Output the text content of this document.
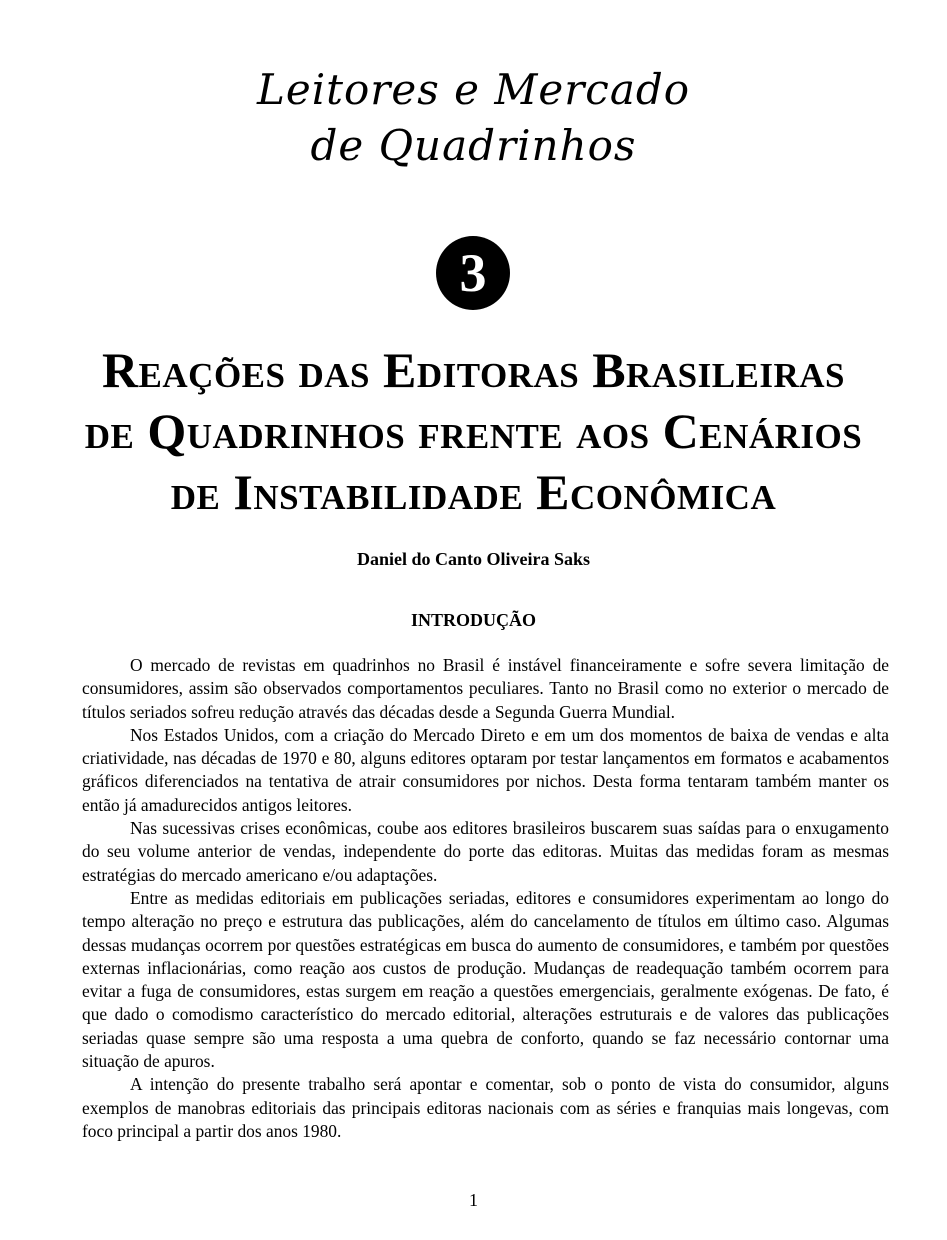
Leitores e Mercado
de Quadrinhos
3
Reações das Editoras Brasileiras
de Quadrinhos frente aos Cenários
de Instabilidade Econômica
Daniel do Canto Oliveira Saks
INTRODUÇÃO

O mercado de revistas em quadrinhos no Brasil é instável financeiramente e sofre severa limitação de consumidores, assim são observados comportamentos peculiares. Tanto no Brasil como no exterior o mercado de títulos seriados sofreu redução através das décadas desde a Segunda Guerra Mundial.

Nos Estados Unidos, com a criação do Mercado Direto e em um dos momentos de baixa de vendas e alta criatividade, nas décadas de 1970 e 80, alguns editores optaram por testar lançamentos em formatos e acabamentos gráficos diferenciados na tentativa de atrair consumidores por nichos. Desta forma tentaram também manter os então já amadurecidos antigos leitores.

Nas sucessivas crises econômicas, coube aos editores brasileiros buscarem suas saídas para o enxugamento do seu volume anterior de vendas, independente do porte das editoras. Muitas das medidas foram as mesmas estratégias do mercado americano e/ou adaptações.

Entre as medidas editoriais em publicações seriadas, editores e consumidores experimentam ao longo do tempo alteração no preço e estrutura das publicações, além do cancelamento de títulos em último caso. Algumas dessas mudanças ocorrem por questões estratégicas em busca do aumento de consumidores, e também por questões externas inflacionárias, como reação aos custos de produção. Mudanças de readequação também ocorrem para evitar a fuga de consumidores, estas surgem em reação a questões emergenciais, geralmente exógenas. De fato, é que dado o comodismo característico do mercado editorial, alterações estruturais e de valores das publicações seriadas quase sempre são uma resposta a uma quebra de conforto, quando se faz necessário contornar uma situação de apuros.

A intenção do presente trabalho será apontar e comentar, sob o ponto de vista do consumidor, alguns exemplos de manobras editoriais das principais editoras nacionais com as séries e franquias mais longevas, com foco principal a partir dos anos 1980.

1
